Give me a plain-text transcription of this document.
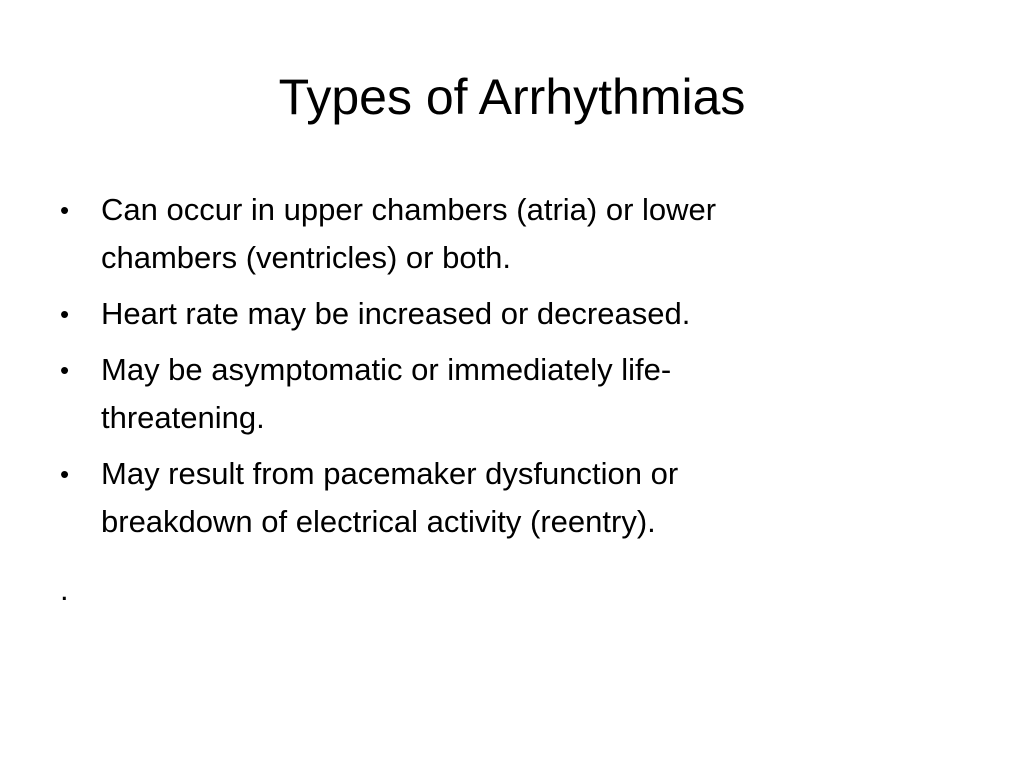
Types of Arrhythmias
•	Can occur in upper chambers (atria) or lower chambers (ventricles) or both.
•	Heart rate may be increased or decreased.
•	May be asymptomatic or immediately life-threatening.
•	May result from pacemaker dysfunction or breakdown of electrical activity (reentry).
.
